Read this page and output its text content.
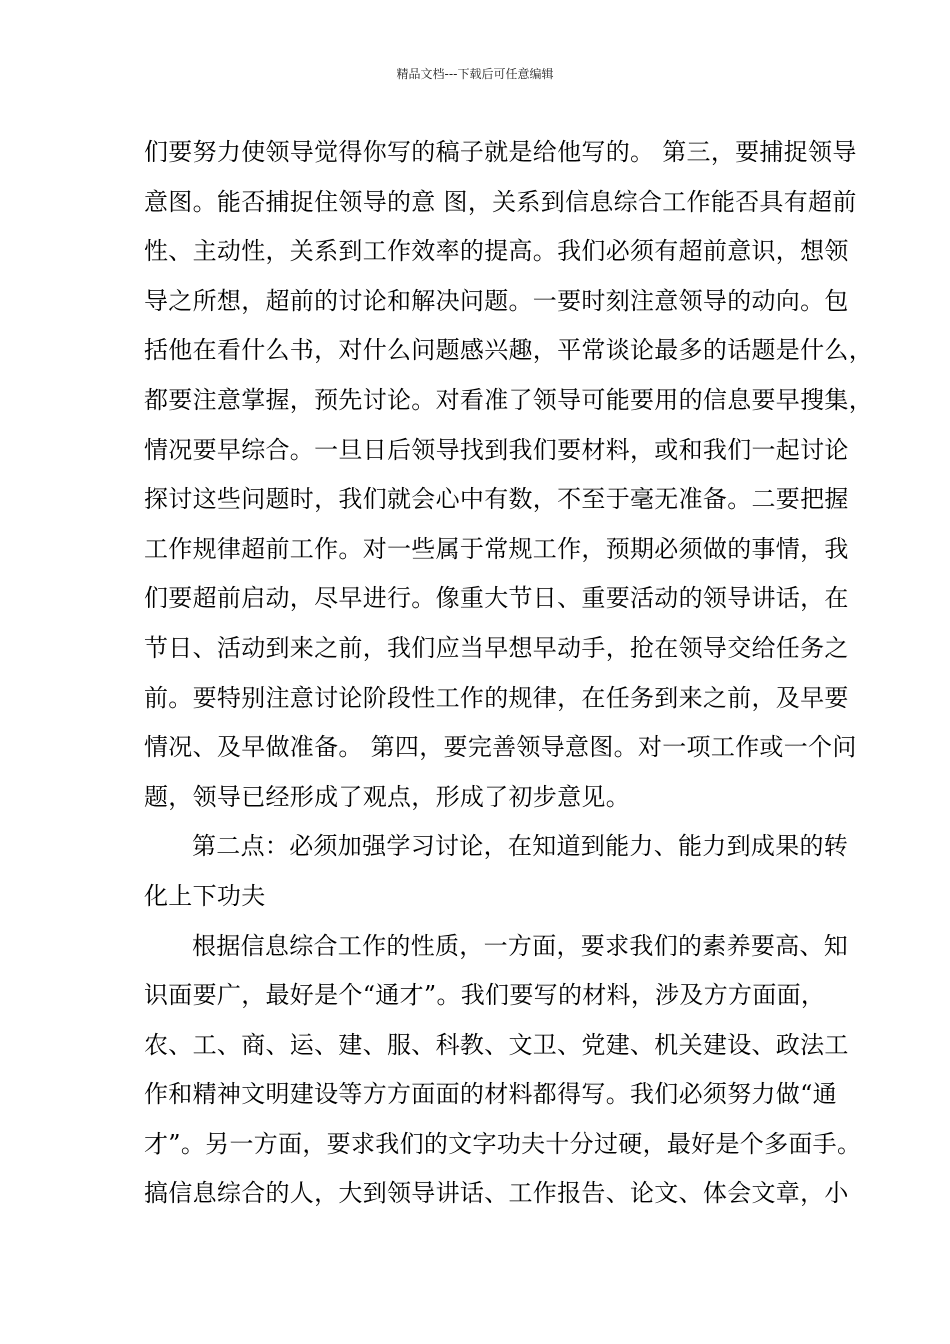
精品文档---下载后可任意编辑
们要努力使领导觉得你写的稿子就是给他写的。 第三，要捕捉领导
意图。能否捕捉住领导的意 图，关系到信息综合工作能否具有超前
性、主动性，关系到工作效率的提高。我们必须有超前意识，想领
导之所想，超前的讨论和解决问题。一要时刻注意领导的动向。包
括他在看什么书，对什么问题感兴趣，平常谈论最多的话题是什么，
都要注意掌握，预先讨论。对看准了领导可能要用的信息要早搜集，
情况要早综合。一旦日后领导找到我们要材料，或和我们一起讨论
探讨这些问题时，我们就会心中有数，不至于毫无准备。二要把握
工作规律超前工作。对一些属于常规工作，预期必须做的事情，我
们要超前启动，尽早进行。像重大节日、重要活动的领导讲话，在
节日、活动到来之前，我们应当早想早动手，抢在领导交给任务之
前。要特别注意讨论阶段性工作的规律，在任务到来之前，及早要
情况、及早做准备。 第四，要完善领导意图。对一项工作或一个问
题，领导已经形成了观点，形成了初步意见。
第二点：必须加强学习讨论，在知道到能力、能力到成果的转
化上下功夫
根据信息综合工作的性质，一方面，要求我们的素养要高、知
识面要广，最好是个“通才”。我们要写的材料，涉及方方面面，
农、工、商、运、建、服、科教、文卫、党建、机关建设、政法工
作和精神文明建设等方方面面的材料都得写。我们必须努力做“通
才”。另一方面，要求我们的文字功夫十分过硬，最好是个多面手。
搞信息综合的人，大到领导讲话、工作报告、论文、体会文章，小
